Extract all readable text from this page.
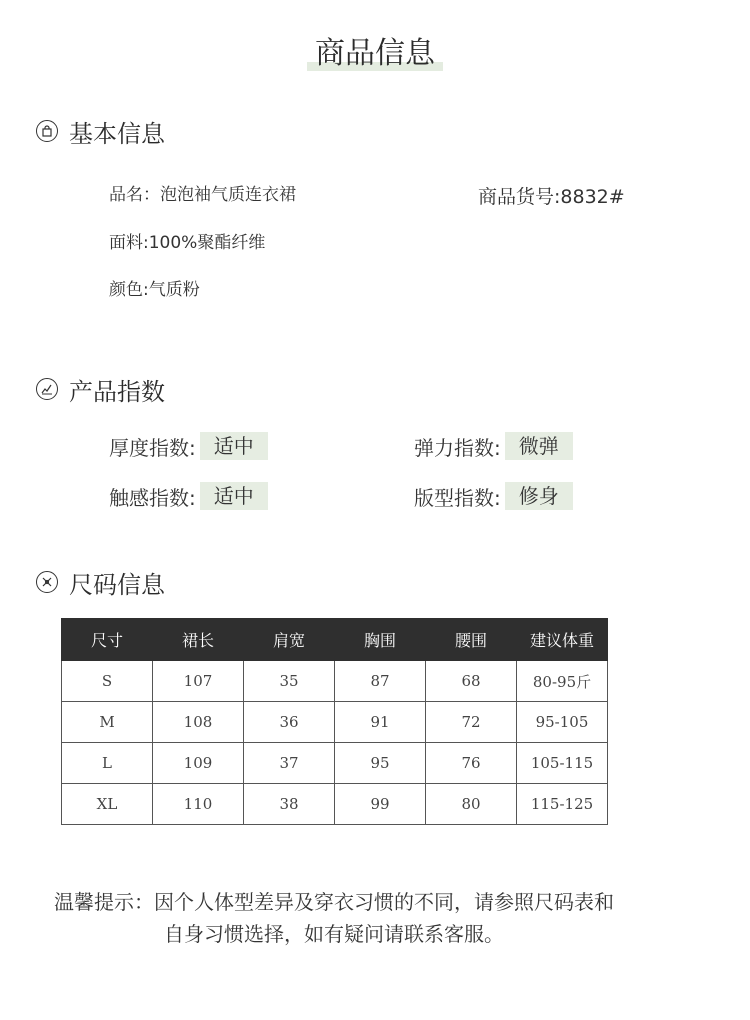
商品信息
基本信息
品名：泡泡袖气质连衣裙	商品货号:8832#
面料:100%聚酯纤维
颜色:气质粉
产品指数
厚度指数: 适中	弹力指数: 微弹
触感指数: 适中	版型指数: 修身
尺码信息
尺寸	裙长	肩宽	胸围	腰围	建议体重
S	107	35	87	68	80-95斤
M	108	36	91	72	95-105
L	109	37	95	76	105-115
XL	110	38	99	80	115-125
温馨提示：因个人体型差异及穿衣习惯的不同，请参照尺码表和
自身习惯选择，如有疑问请联系客服。
